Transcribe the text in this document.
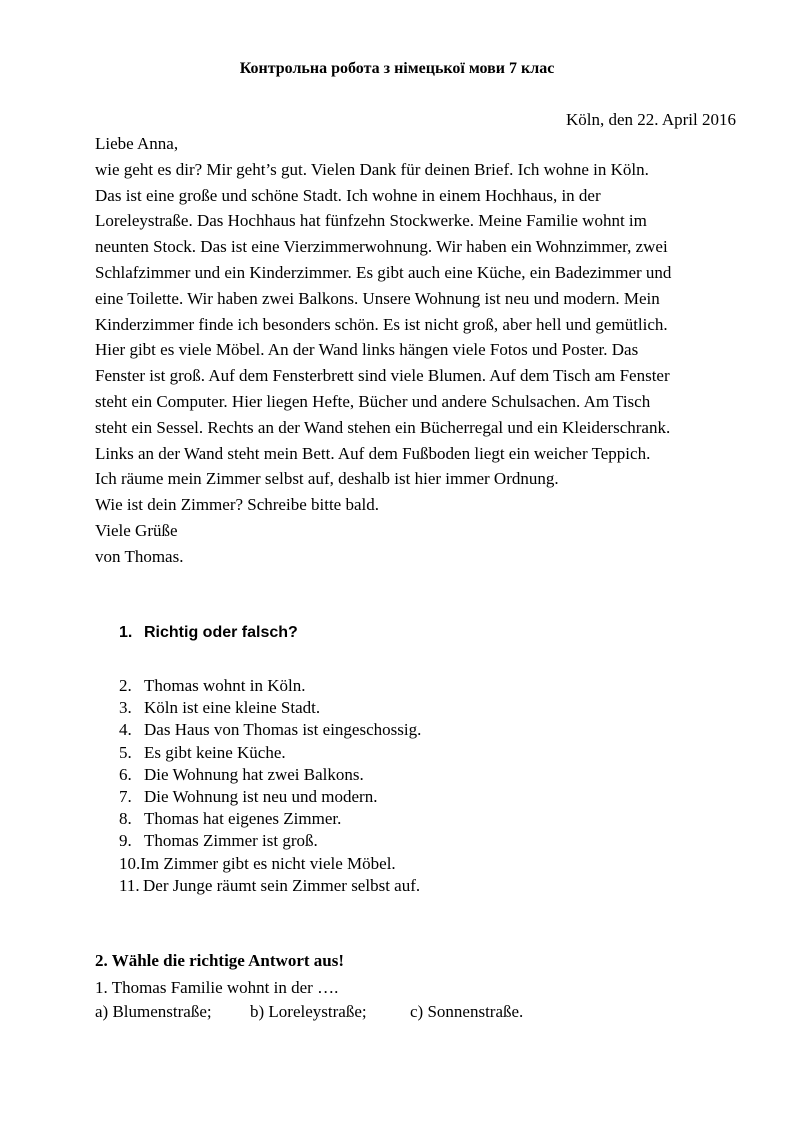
Контрольна робота з німецької мови 7 клас
Köln, den 22. April 2016
Liebe Anna,
wie geht es dir? Mir geht’s gut. Vielen Dank für deinen Brief. Ich wohne in Köln.
Das ist eine große und schöne Stadt. Ich wohne in einem Hochhaus, in der
Loreleystraße. Das Hochhaus hat fünfzehn Stockwerke. Meine Familie wohnt im
neunten Stock. Das ist eine Vierzimmerwohnung. Wir haben ein Wohnzimmer, zwei
Schlafzimmer und ein Kinderzimmer. Es gibt auch eine Küche, ein Badezimmer und
eine Toilette. Wir haben zwei Balkons. Unsere Wohnung ist neu und modern. Mein
Kinderzimmer finde ich besonders schön. Es ist nicht groß, aber hell und gemütlich.
Hier gibt es viele Möbel. An der Wand links hängen viele Fotos und Poster. Das
Fenster ist groß. Auf dem Fensterbrett sind viele Blumen. Auf dem Tisch am Fenster
steht ein Computer. Hier liegen Hefte, Bücher und andere Schulsachen. Am Tisch
steht ein Sessel. Rechts an der Wand stehen ein Bücherregal und ein Kleiderschrank.
Links an der Wand steht mein Bett. Auf dem Fußboden liegt ein weicher Teppich.
Ich räume mein Zimmer selbst auf, deshalb ist hier immer Ordnung.
Wie ist dein Zimmer? Schreibe bitte bald.
Viele Grüße
von Thomas.
1. Richtig oder falsch?
2. Thomas wohnt in Köln.
3. Köln ist eine kleine Stadt.
4. Das Haus von Thomas ist eingeschossig.
5. Es gibt keine Küche.
6. Die Wohnung hat zwei Balkons.
7. Die Wohnung ist neu und modern.
8. Thomas hat eigenes Zimmer.
9. Thomas Zimmer ist groß.
10.Im Zimmer gibt es nicht viele Möbel.
11. Der Junge räumt sein Zimmer selbst auf.
2. Wähle die richtige Antwort aus!
1. Thomas Familie wohnt in der ….
a) Blumenstraße; b) Loreleystraße;	c) Sonnenstraße.
